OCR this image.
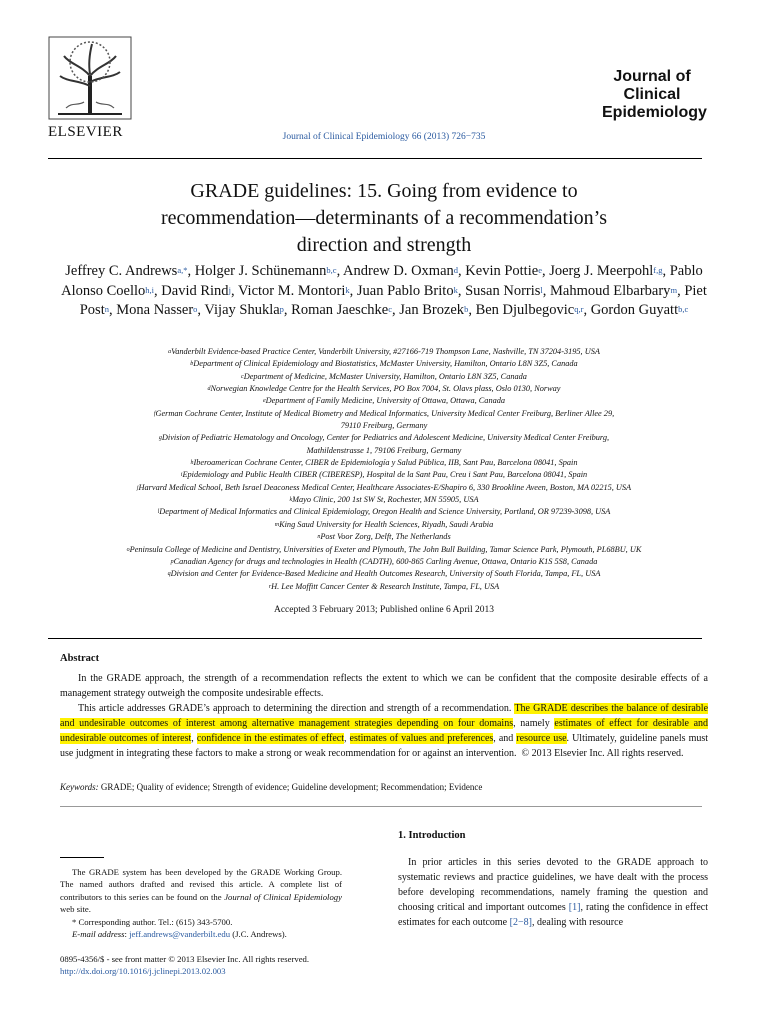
ELSEVIER	Journal of Clinical Epidemiology 66 (2013) 726−735
Journal of
Clinical
Epidemiology
GRADE guidelines: 15. Going from evidence to
recommendation—determinants of a recommendation’s
direction and strength
Jeffrey C. Andrews$^{a,*}$, Holger J. Schünemann$^{b,c}$, Andrew D. Oxman$^d$, Kevin Pottie$^e$, Joerg J. Meerpohl$^{f,g}$, Pablo Alonso Coello$^{h,i}$, David Rind$^j$, Victor M. Montori$^k$, Juan Pablo Brito$^k$, Susan Norris$^l$, Mahmoud Elbarbary$^m$, Piet Post$^n$, Mona Nasser$^o$, Vijay Shukla$^p$, Roman Jaeschke$^c$, Jan Brozek$^b$, Ben Djulbegovic$^{q,r}$, Gordon Guyatt$^{b,c}$
$^a$Vanderbilt Evidence-based Practice Center, Vanderbilt University, #27166-719 Thompson Lane, Nashville, TN 37204-3195, USA
$^b$Department of Clinical Epidemiology and Biostatistics, McMaster University, Hamilton, Ontario L8N 3Z5, Canada
$^c$Department of Medicine, McMaster University, Hamilton, Ontario L8N 3Z5, Canada
$^d$Norwegian Knowledge Centre for the Health Services, PO Box 7004, St. Olavs plass, Oslo 0130, Norway
$^e$Department of Family Medicine, University of Ottawa, Ottawa, Canada
$^f$German Cochrane Center, Institute of Medical Biometry and Medical Informatics, University Medical Center Freiburg, Berliner Allee 29,
79110 Freiburg, Germany
$^g$Division of Pediatric Hematology and Oncology, Center for Pediatrics and Adolescent Medicine, University Medical Center Freiburg,
Mathildenstrasse 1, 79106 Freiburg, Germany
$^h$Iberoamerican Cochrane Center, CIBER de Epidemiología y Salud Pública, IIB, Sant Pau, Barcelona 08041, Spain
$^i$Epidemiology and Public Health CIBER (CIBERESP), Hospital de la Sant Pau, Creu i Sant Pau, Barcelona 08041, Spain
$^j$Harvard Medical School, Beth Israel Deaconess Medical Center, Healthcare Associates-E/Shapiro 6, 330 Brookline Aveen, Boston, MA 02215, USA
$^k$Mayo Clinic, 200 1st SW St, Rochester, MN 55905, USA
$^l$Department of Medical Informatics and Clinical Epidemiology, Oregon Health and Science University, Portland, OR 97239-3098, USA
$^m$King Saud University for Health Sciences, Riyadh, Saudi Arabia
$^n$Post Voor Zorg, Delft, The Netherlands
$^o$Peninsula College of Medicine and Dentistry, Universities of Exeter and Plymouth, The John Bull Building, Tamar Science Park, Plymouth, PL68BU, UK
$^p$Canadian Agency for drugs and technologies in Health (CADTH), 600-865 Carling Avenue, Ottawa, Ontario K1S 5S8, Canada
$^q$Division and Center for Evidence-Based Medicine and Health Outcomes Research, University of South Florida, Tampa, FL, USA
$^r$H. Lee Moffitt Cancer Center & Research Institute, Tampa, FL, USA
Accepted 3 February 2013; Published online 6 April 2013
Abstract

In the GRADE approach, the strength of a recommendation reflects the extent to which we can be confident that the composite desirable effects of a management strategy outweigh the composite undesirable effects.

This article addresses GRADE’s approach to determining the direction and strength of a recommendation. The GRADE describes the balance of desirable and undesirable outcomes of interest among alternative management strategies depending on four domains, namely estimates of effect for desirable and undesirable outcomes of interest, confidence in the estimates of effect, estimates of values and preferences, and resource use. Ultimately, guideline panels must use judgment in integrating these factors to make a strong or weak recommendation for or against an intervention.  © 2013 Elsevier Inc. All rights reserved.

Keywords: GRADE; Quality of evidence; Strength of evidence; Guideline development; Recommendation; Evidence

The GRADE system has been developed by the GRADE Working Group. The named authors drafted and revised this article. A complete list of contributors to this series can be found on the Journal of Clinical Epidemiology web site.

* Corresponding author. Tel.: (615) 343-5700.

E-mail address: jeff.andrews@vanderbilt.edu (J.C. Andrews).

0895-4356/$ - see front matter © 2013 Elsevier Inc. All rights reserved.
http://dx.doi.org/10.1016/j.jclinepi.2013.02.003
1. Introduction
 In prior articles in this series devoted to the GRADE approach to systematic reviews and practice guidelines, we have dealt with the process before developing recommendations, namely framing the question and choosing critical and important outcomes [1], rating the confidence in effect estimates for each outcome [2−8], dealing with resource
